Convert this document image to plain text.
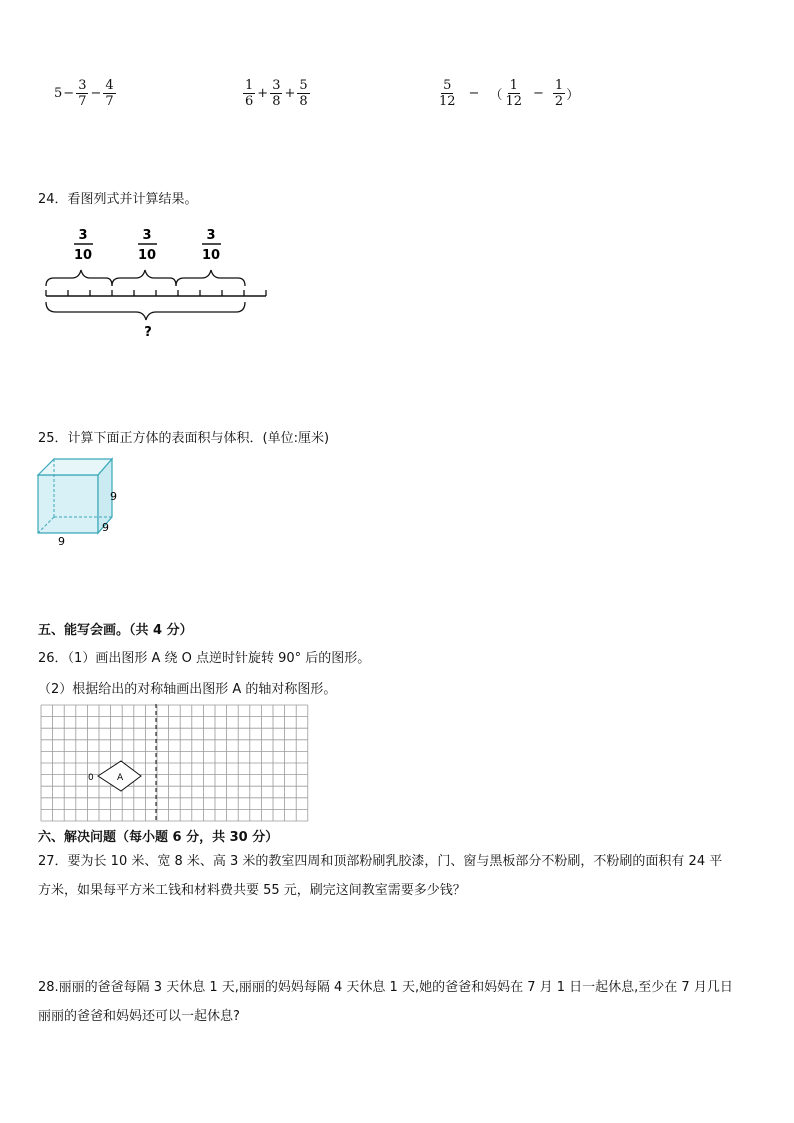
$5 - \frac{3}{7} - \frac{4}{7}$	$\frac{1}{6} + \frac{3}{8} + \frac{5}{8}$	$\frac{5}{12}$ − （ $\frac{1}{12} - \frac{1}{2}$ ）
24．看图列式并计算结果。
3
10
3
10
3
10
?
25．计算下面正方体的表面积与体积．(单位:厘米)
9
9
9
五、能写会画。（共 4 分）
26．（1）画出图形 A 绕 O 点逆时针旋转 90° 后的图形。
（2）根据给出的对称轴画出图形 A 的轴对称图形。
A
0
六、解决问题（每小题 6 分，共 30 分）
27．要为长 10 米、宽 8 米、高 3 米的教室四周和顶部粉刷乳胶漆，门、窗与黑板部分不粉刷，不粉刷的面积有 24 平
方米，如果每平方米工钱和材料费共要 55 元，刷完这间教室需要多少钱？
28.丽丽的爸爸每隔 3 天休息 1 天,丽丽的妈妈每隔 4 天休息 1 天,她的爸爸和妈妈在 7 月 1 日一起休息,至少在 7 月几日
丽丽的爸爸和妈妈还可以一起休息?
